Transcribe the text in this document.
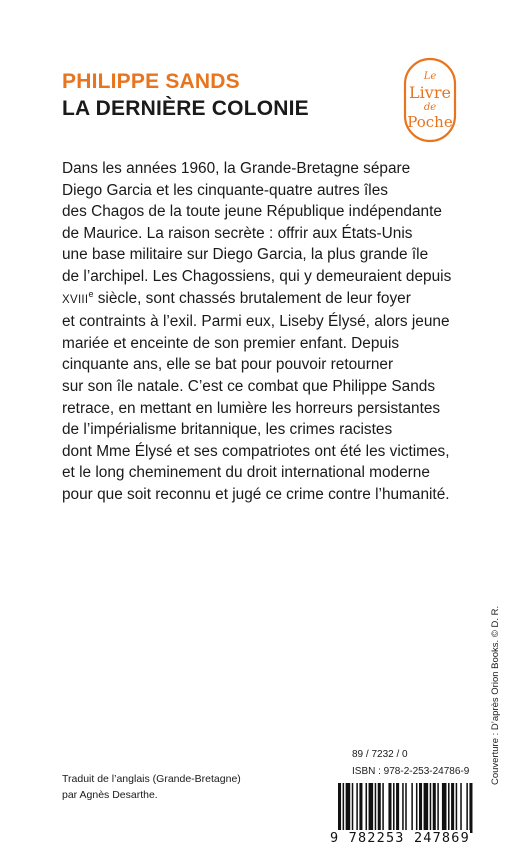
PHILIPPE SANDS
LA DERNIÈRE COLONIE
Le
Livre
de
Poche

Dans les années 1960, la Grande-Bretagne sépare
Diego Garcia et les cinquante-quatre autres îles
des Chagos de la toute jeune République indépendante
de Maurice. La raison secrète : offrir aux États-Unis
une base militaire sur Diego Garcia, la plus grande île
de l’archipel. Les Chagossiens, qui y demeuraient depuis
XVIIIe siècle, sont chassés brutalement de leur foyer
et contraints à l’exil. Parmi eux, Liseby Élysé, alors jeune
mariée et enceinte de son premier enfant. Depuis
cinquante ans, elle se bat pour pouvoir retourner
sur son île natale. C’est ce combat que Philippe Sands
retrace, en mettant en lumière les horreurs persistantes
de l’impérialisme britannique, les crimes racistes
dont Mme Élysé et ses compatriotes ont été les victimes,
et le long cheminement du droit international moderne
pour que soit reconnu et jugé ce crime contre l’humanité.

Couverture : D’après Orion Books. © D. R.
Traduit de l’anglais (Grande-Bretagne)
par Agnès Desarthe.
89 / 7232 / 0
ISBN : 978-2-253-24786-9
9 782253 247869
